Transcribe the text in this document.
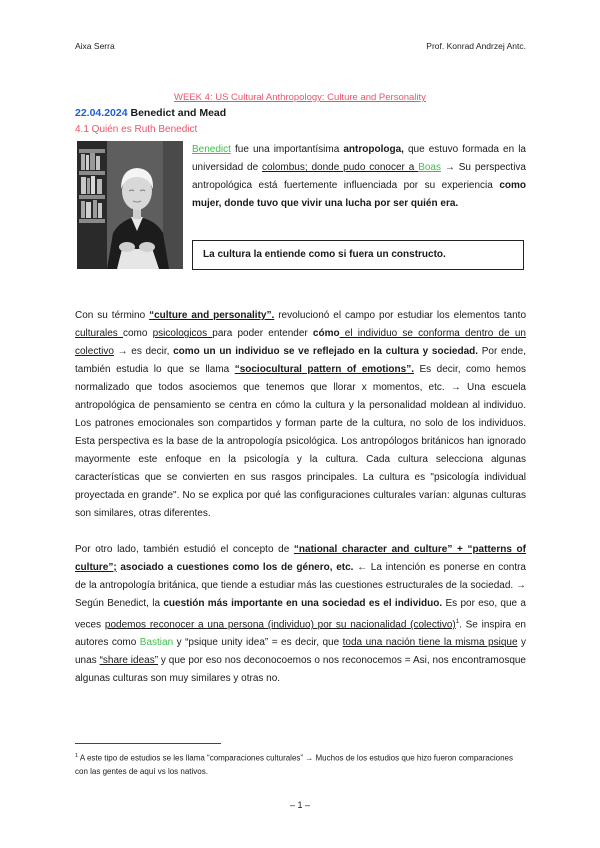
Aixa Serra	Prof. Konrad Andrzej Antc.
WEEK 4: US Cultural Anthropology: Culture and Personality
22.04.2024 Benedict and Mead
4.1 Quién es Ruth Benedict
Benedict fue una importantísima antropologa, que estuvo formada en la universidad de colombus; donde pudo conocer a Boas → Su perspectiva antropológica está fuertemente influenciada por su experiencia como mujer, donde tuvo que vivir una lucha por ser quién era.
La cultura la entiende como si fuera un constructo.
Con su término “culture and personality”. revolucionó el campo por estudiar los elementos tanto culturales como psicologicos para poder entender cómo el individuo se conforma dentro de un colectivo → es decir, como un un individuo se ve reflejado en la cultura y sociedad. Por ende, también estudia lo que se llama “sociocultural pattern of emotions”. Es decir, como hemos normalizado que todos asociemos que tenemos que llorar x momentos, etc. → Una escuela antropológica de pensamiento se centra en cómo la cultura y la personalidad moldean al individuo. Los patrones emocionales son compartidos y forman parte de la cultura, no solo de los individuos. Esta perspectiva es la base de la antropología psicológica. Los antropólogos británicos han ignorado mayormente este enfoque en la psicología y la cultura. Cada cultura selecciona algunas características que se convierten en sus rasgos principales. La cultura es "psicología individual proyectada en grande". No se explica por qué las configuraciones culturales varían: algunas culturas son similares, otras diferentes.
Por otro lado, también estudió el concepto de “national character and culture” + “patterns of culture”; asociado a cuestiones como los de género, etc. ← La intención es ponerse en contra de la antropología británica, que tiende a estudiar más las cuestiones estructurales de la sociedad. → Según Benedict, la cuestión más importante en una sociedad es el individuo. Es por eso, que a veces podemos reconocer a una persona (individuo) por su nacionalidad (colectivo)$^1$. Se inspira en autores como Bastian y “psique unity idea” = es decir, que toda una nación tiene la misma psique y unas “share ideas” y que por eso nos deconocoemos o nos reconocemos = Asi, nos encontramosque algunas culturas son muy similares y otras no.
$^1$ A este tipo de estudios se les llama “comparaciones culturales” → Muchos de los estudios que hizo fueron comparaciones con las gentes de aquí vs los nativos.
– 1 –
